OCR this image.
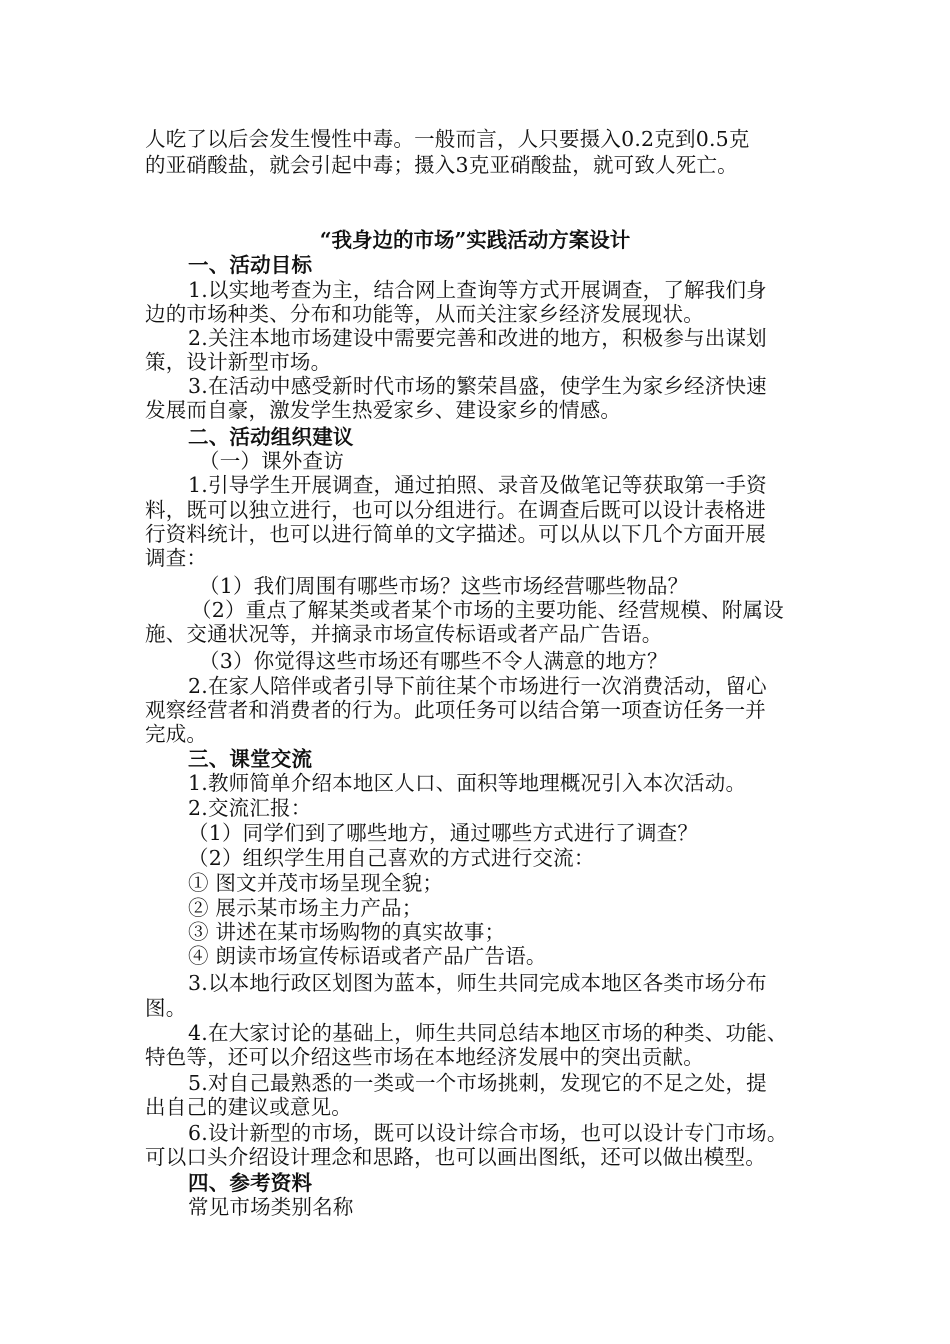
人吃了以后会发生慢性中毒。一般而言，人只要摄入0.2克到0.5克
的亚硝酸盐，就会引起中毒；摄入3克亚硝酸盐，就可致人死亡。
“我身边的市场”实践活动方案设计
一、活动目标
1.以实地考查为主，结合网上查询等方式开展调查，了解我们身
边的市场种类、分布和功能等，从而关注家乡经济发展现状。
2.关注本地市场建设中需要完善和改进的地方，积极参与出谋划
策，设计新型市场。
3.在活动中感受新时代市场的繁荣昌盛，使学生为家乡经济快速
发展而自豪，激发学生热爱家乡、建设家乡的情感。
二、活动组织建议
（一）课外查访
1.引导学生开展调查，通过拍照、录音及做笔记等获取第一手资
料，既可以独立进行，也可以分组进行。在调查后既可以设计表格进
行资料统计，也可以进行简单的文字描述。可以从以下几个方面开展
调查：
（1）我们周围有哪些市场？这些市场经营哪些物品？
（2）重点了解某类或者某个市场的主要功能、经营规模、附属设
施、交通状况等，并摘录市场宣传标语或者产品广告语。
（3）你觉得这些市场还有哪些不令人满意的地方？
2.在家人陪伴或者引导下前往某个市场进行一次消费活动，留心
观察经营者和消费者的行为。此项任务可以结合第一项查访任务一并
完成。
三、课堂交流
1.教师简单介绍本地区人口、面积等地理概况引入本次活动。
2.交流汇报：
（1）同学们到了哪些地方，通过哪些方式进行了调查？
（2）组织学生用自己喜欢的方式进行交流：
① 图文并茂市场呈现全貌；
② 展示某市场主力产品；
③ 讲述在某市场购物的真实故事；
④ 朗读市场宣传标语或者产品广告语。
3.以本地行政区划图为蓝本，师生共同完成本地区各类市场分布
图。
4.在大家讨论的基础上，师生共同总结本地区市场的种类、功能、
特色等，还可以介绍这些市场在本地经济发展中的突出贡献。
5.对自己最熟悉的一类或一个市场挑刺，发现它的不足之处，提
出自己的建议或意见。
6.设计新型的市场，既可以设计综合市场，也可以设计专门市场。
可以口头介绍设计理念和思路，也可以画出图纸，还可以做出模型。
四、参考资料
常见市场类别名称
